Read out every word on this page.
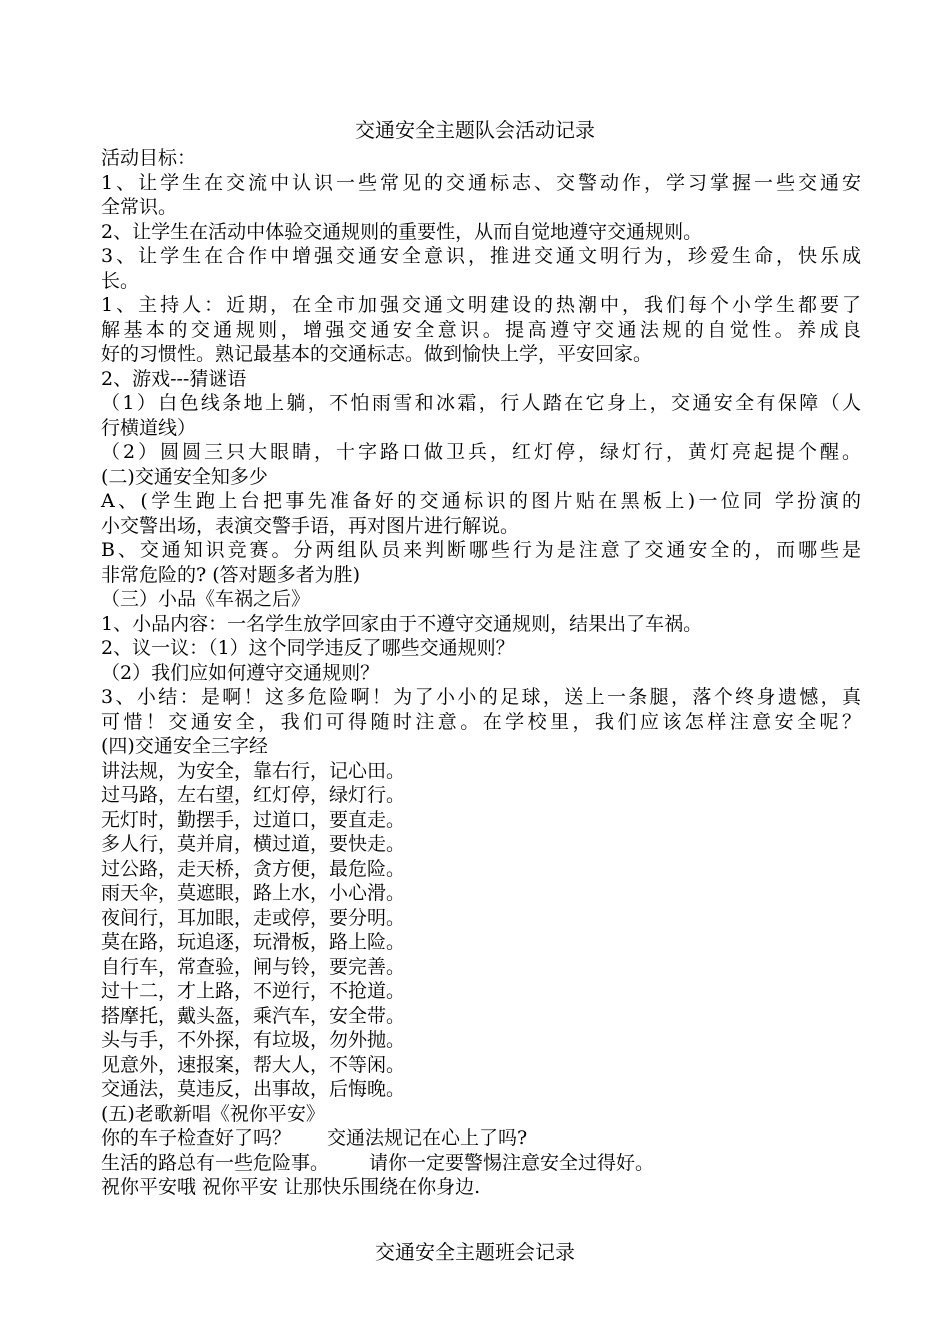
交通安全主题队会活动记录
活动目标：
1、让学生在交流中认识一些常见的交通标志、交警动作，学习掌握一些交通安
全常识。
2、让学生在活动中体验交通规则的重要性，从而自觉地遵守交通规则。
3、让学生在合作中增强交通安全意识，推进交通文明行为，珍爱生命，快乐成
长。
1、主持人：近期，在全市加强交通文明建设的热潮中，我们每个小学生都要了
解基本的交通规则，增强交通安全意识。提高遵守交通法规的自觉性。养成良
好的习惯性。熟记最基本的交通标志。做到愉快上学，平安回家。
2、游戏---猜谜语
（1）白色线条地上躺，不怕雨雪和冰霜，行人踏在它身上，交通安全有保障（人
行横道线）
（2）圆圆三只大眼睛，十字路口做卫兵，红灯停，绿灯行，黄灯亮起提个醒。
(二)交通安全知多少
A、(学生跑上台把事先准备好的交通标识的图片贴在黑板上)一位同 学扮演的
小交警出场，表演交警手语，再对图片进行解说。
B、交通知识竞赛。分两组队员来判断哪些行为是注意了交通安全的，而哪些是
非常危险的? (答对题多者为胜)
（三）小品《车祸之后》
1、小品内容：一名学生放学回家由于不遵守交通规则，结果出了车祸。
2、议一议：（1）这个同学违反了哪些交通规则？
（2）我们应如何遵守交通规则？
3、小结：是啊！这多危险啊！为了小小的足球，送上一条腿，落个终身遗憾，真
可惜！交通安全，我们可得随时注意。在学校里，我们应该怎样注意安全呢？
(四)交通安全三字经
讲法规，为安全，靠右行，记心田。
过马路，左右望，红灯停，绿灯行。
无灯时，勤摆手，过道口，要直走。
多人行，莫并肩，横过道，要快走。
过公路，走天桥，贪方便，最危险。
雨天伞，莫遮眼，路上水，小心滑。
夜间行，耳加眼，走或停，要分明。
莫在路，玩追逐，玩滑板，路上险。
自行车，常查验，闸与铃，要完善。
过十二，才上路，不逆行，不抢道。
搭摩托，戴头盔，乘汽车，安全带。
头与手，不外探，有垃圾，勿外抛。
见意外，速报案，帮大人，不等闲。
交通法，莫违反，出事故，后悔晚。
(五)老歌新唱《祝你平安》
你的车子检查好了吗？ 交通法规记在心上了吗?
生活的路总有一些危险事。 请你一定要警惕注意安全过得好。
祝你平安哦 祝你平安 让那快乐围绕在你身边.
交通安全主题班会记录
